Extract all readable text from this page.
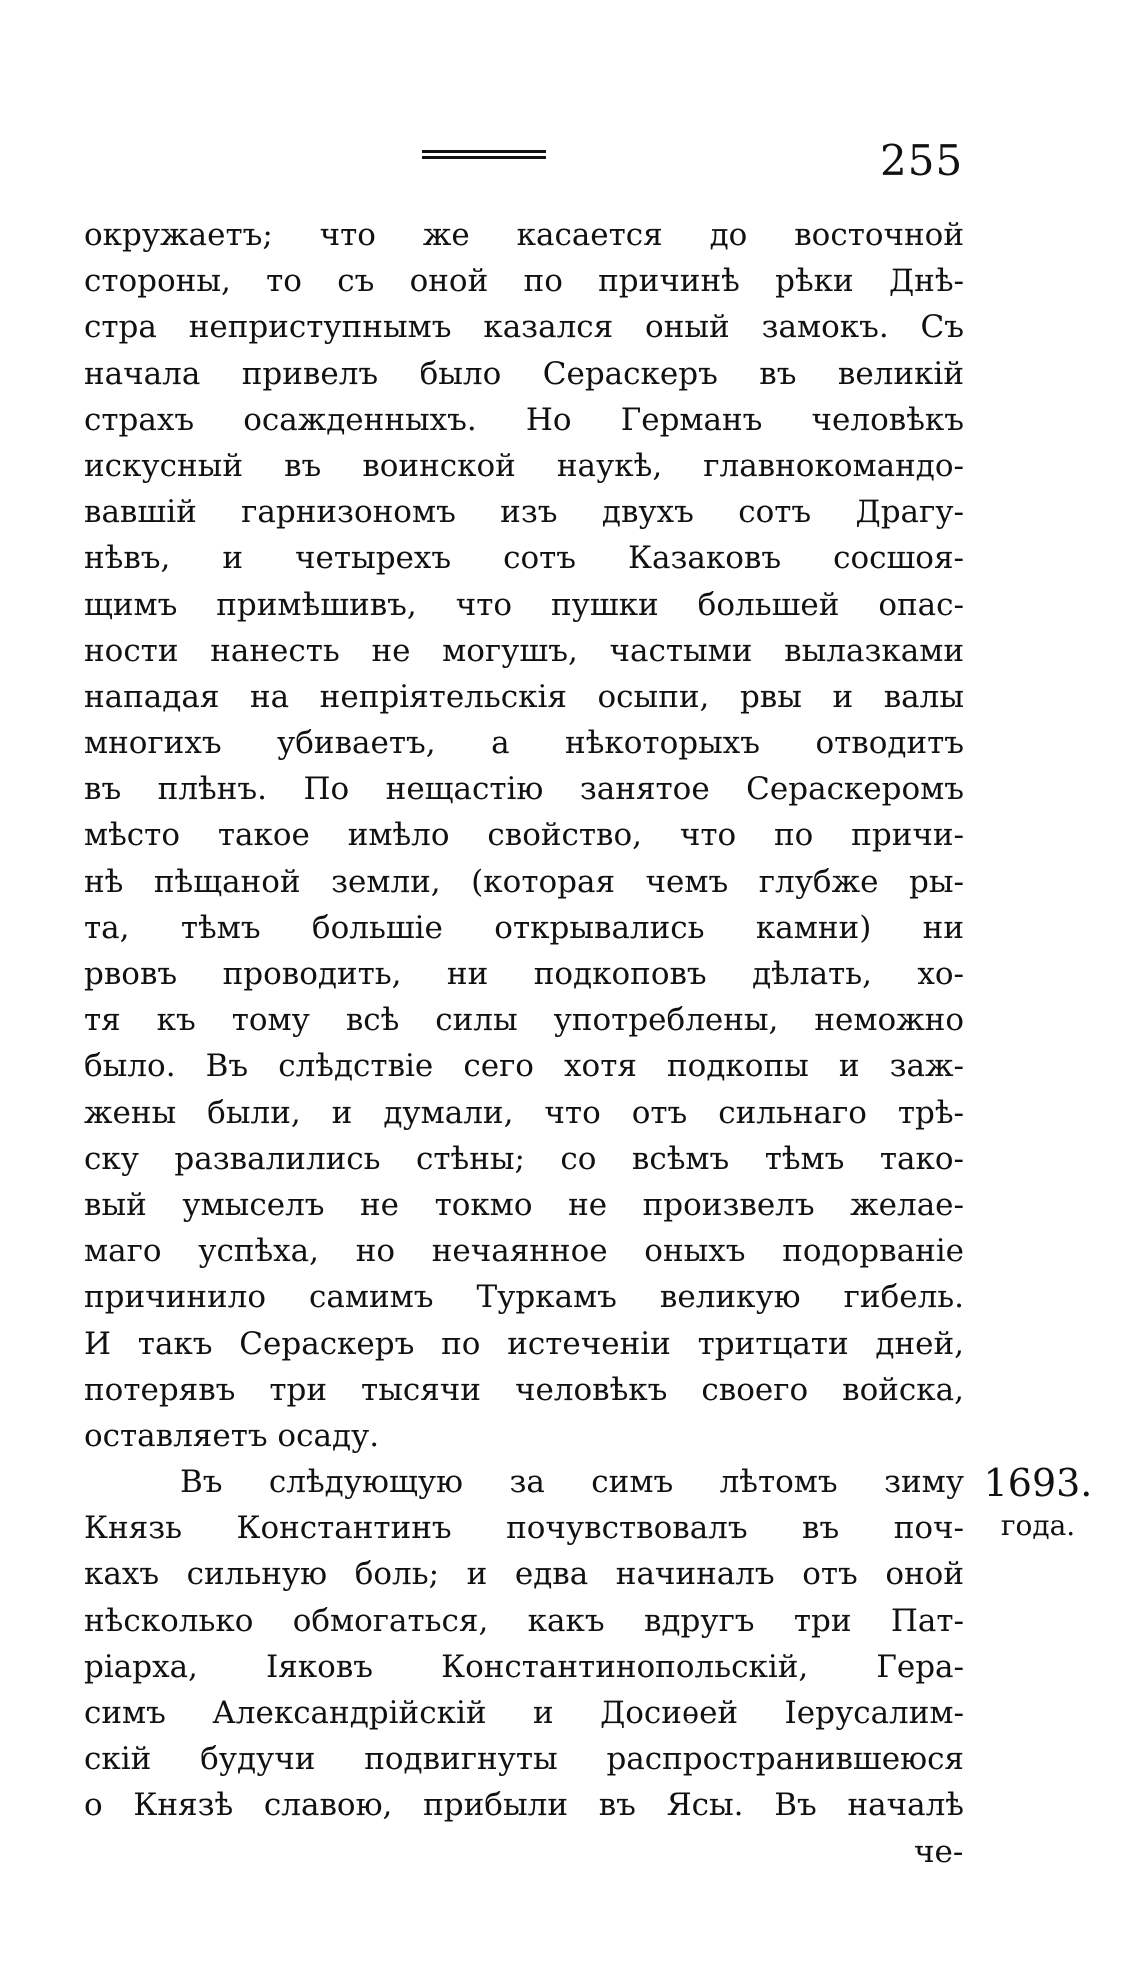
255
окружаетъ; что же касается до восточной
стороны, то съ оной по причинѣ рѣки Днѣ-
стра неприступнымъ казался оный замокъ. Съ
начала привелъ было Сераскеръ въ великій
страхъ осажденныхъ. Но Германъ человѣкъ
искусный въ воинской наукѣ, главнокомандо-
вавшій гарнизономъ изъ двухъ сотъ Драгу-
нѣвъ, и четырехъ сотъ Казаковъ сосшоя-
щимъ примѣшивъ, что пушки большей опас-
ности нанесть не могушъ, частыми вылазками
нападая на непріятельскія осыпи, рвы и валы
многихъ убиваетъ, а нѣкоторыхъ отводитъ
въ плѣнъ. По нещастію занятое Сераскеромъ
мѣсто такое имѣло свойство, что по причи-
нѣ пѣщаной земли, (которая чемъ глубже ры-
та, тѣмъ большіе открывались камни) ни
рвовъ проводить, ни подкоповъ дѣлать, хо-
тя къ тому всѣ силы употреблены, неможно
было. Въ слѣдствіе сего хотя подкопы и заж-
жены были, и думали, что отъ сильнаго трѣ-
ску развалились стѣны; со всѣмъ тѣмъ тако-
вый умыселъ не токмо не произвелъ желае-
маго успѣха, но нечаянное оныхъ подорваніе
причинило самимъ Туркамъ великую гибель.
И такъ Сераскеръ по истеченіи тритцати дней,
потерявъ три тысячи человѣкъ своего войска,
оставляетъ осаду.
Въ слѣдующую за симъ лѣтомъ зиму
Князь Константинъ почувствовалъ въ поч-
кахъ сильную боль; и едва начиналъ отъ оной
нѣсколько обмогаться, какъ вдругъ три Пат-
ріарха, Іяковъ Константинопольскій, Гера-
симъ Александрійскій и Досиѳей Іерусалим-
скій будучи подвигнуты распространившеюся
о Князѣ славою, прибыли въ Ясы. Въ началѣ
че-
1693.
года.
